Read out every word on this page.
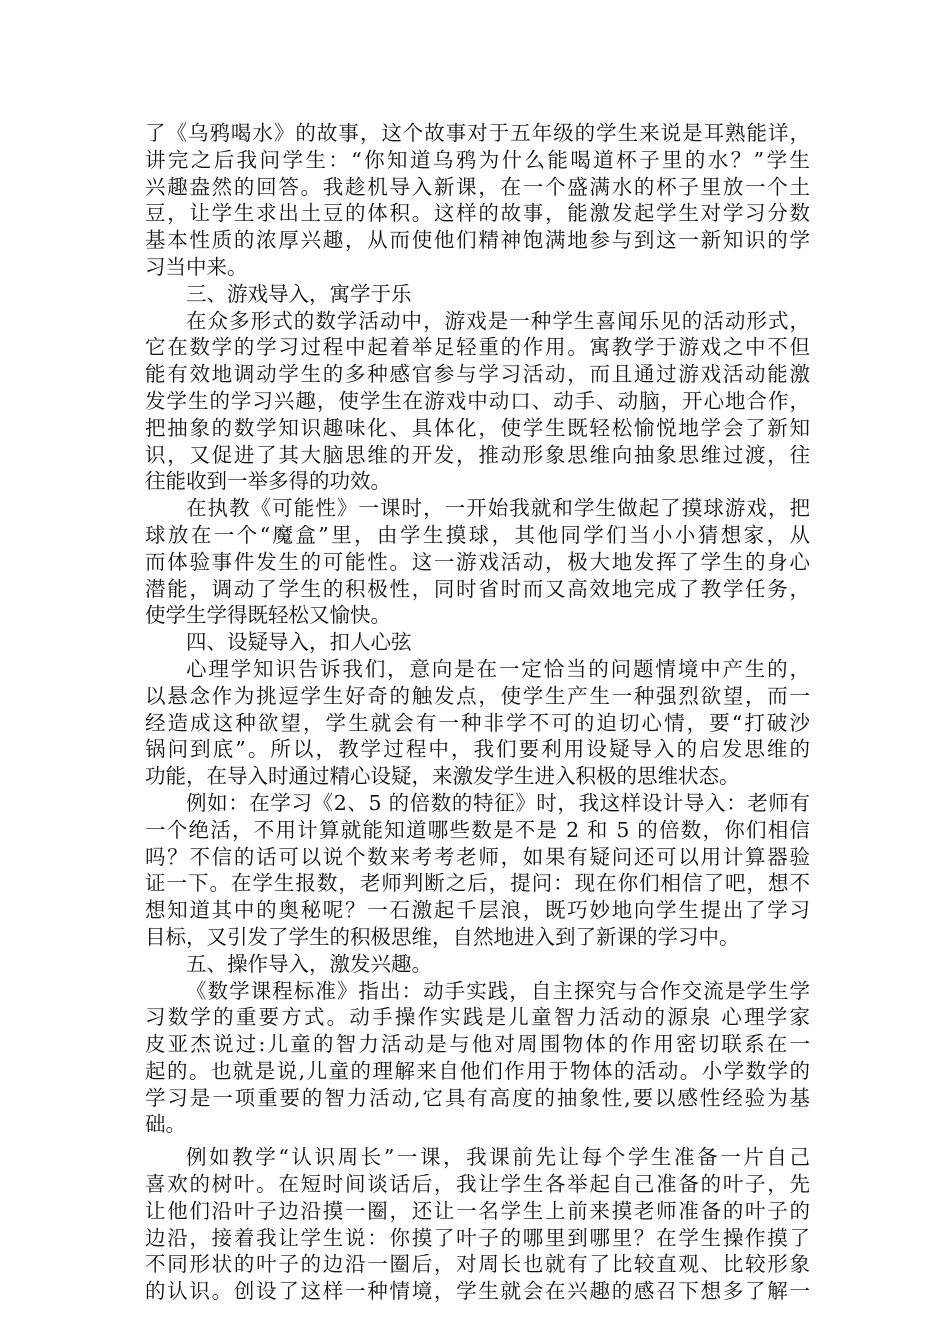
了《乌鸦喝水》的故事，这个故事对于五年级的学生来说是耳熟能详，
讲完之后我问学生：“你知道乌鸦为什么能喝道杯子里的水？”学生
兴趣盎然的回答。我趁机导入新课，在一个盛满水的杯子里放一个土
豆，让学生求出土豆的体积。这样的故事，能激发起学生对学习分数
基本性质的浓厚兴趣，从而使他们精神饱满地参与到这一新知识的学
习当中来。
三、游戏导入，寓学于乐
在众多形式的数学活动中，游戏是一种学生喜闻乐见的活动形式，
它在数学的学习过程中起着举足轻重的作用。寓教学于游戏之中不但
能有效地调动学生的多种感官参与学习活动，而且通过游戏活动能激
发学生的学习兴趣，使学生在游戏中动口、动手、动脑，开心地合作，
把抽象的数学知识趣味化、具体化，使学生既轻松愉悦地学会了新知
识，又促进了其大脑思维的开发，推动形象思维向抽象思维过渡，往
往能收到一举多得的功效。
在执教《可能性》一课时，一开始我就和学生做起了摸球游戏，把
球放在一个“魔盒”里，由学生摸球，其他同学们当小小猜想家，从
而体验事件发生的可能性。这一游戏活动，极大地发挥了学生的身心
潜能，调动了学生的积极性，同时省时而又高效地完成了教学任务，
使学生学得既轻松又愉快。
四、设疑导入，扣人心弦
心理学知识告诉我们，意向是在一定恰当的问题情境中产生的，
以悬念作为挑逗学生好奇的触发点，使学生产生一种强烈欲望，而一
经造成这种欲望，学生就会有一种非学不可的迫切心情，要“打破沙
锅问到底”。所以，教学过程中，我们要利用设疑导入的启发思维的
功能，在导入时通过精心设疑，来激发学生进入积极的思维状态。
例如：在学习《2、5 的倍数的特征》时，我这样设计导入：老师有
一个绝活，不用计算就能知道哪些数是不是 2 和 5 的倍数，你们相信
吗？不信的话可以说个数来考考老师，如果有疑问还可以用计算器验
证一下。在学生报数，老师判断之后，提问：现在你们相信了吧，想不
想知道其中的奥秘呢？一石激起千层浪，既巧妙地向学生提出了学习
目标，又引发了学生的积极思维，自然地进入到了新课的学习中。
五、操作导入，激发兴趣。
《数学课程标准》指出：动手实践，自主探究与合作交流是学生学
习数学的重要方式。动手操作实践是儿童智力活动的源泉 心理学家
皮亚杰说过:儿童的智力活动是与他对周围物体的作用密切联系在一
起的。也就是说,儿童的理解来自他们作用于物体的活动。小学数学的
学习是一项重要的智力活动,它具有高度的抽象性,要以感性经验为基
础。
例如教学“认识周长”一课，我课前先让每个学生准备一片自己
喜欢的树叶。在短时间谈话后，我让学生各举起自己准备的叶子，先
让他们沿叶子边沿摸一圈，还让一名学生上前来摸老师准备的叶子的
边沿，接着我让学生说：你摸了叶子的哪里到哪里？在学生操作摸了
不同形状的叶子的边沿一圈后，对周长也就有了比较直观、比较形象
的认识。创设了这样一种情境，学生就会在兴趣的感召下想多了解一
